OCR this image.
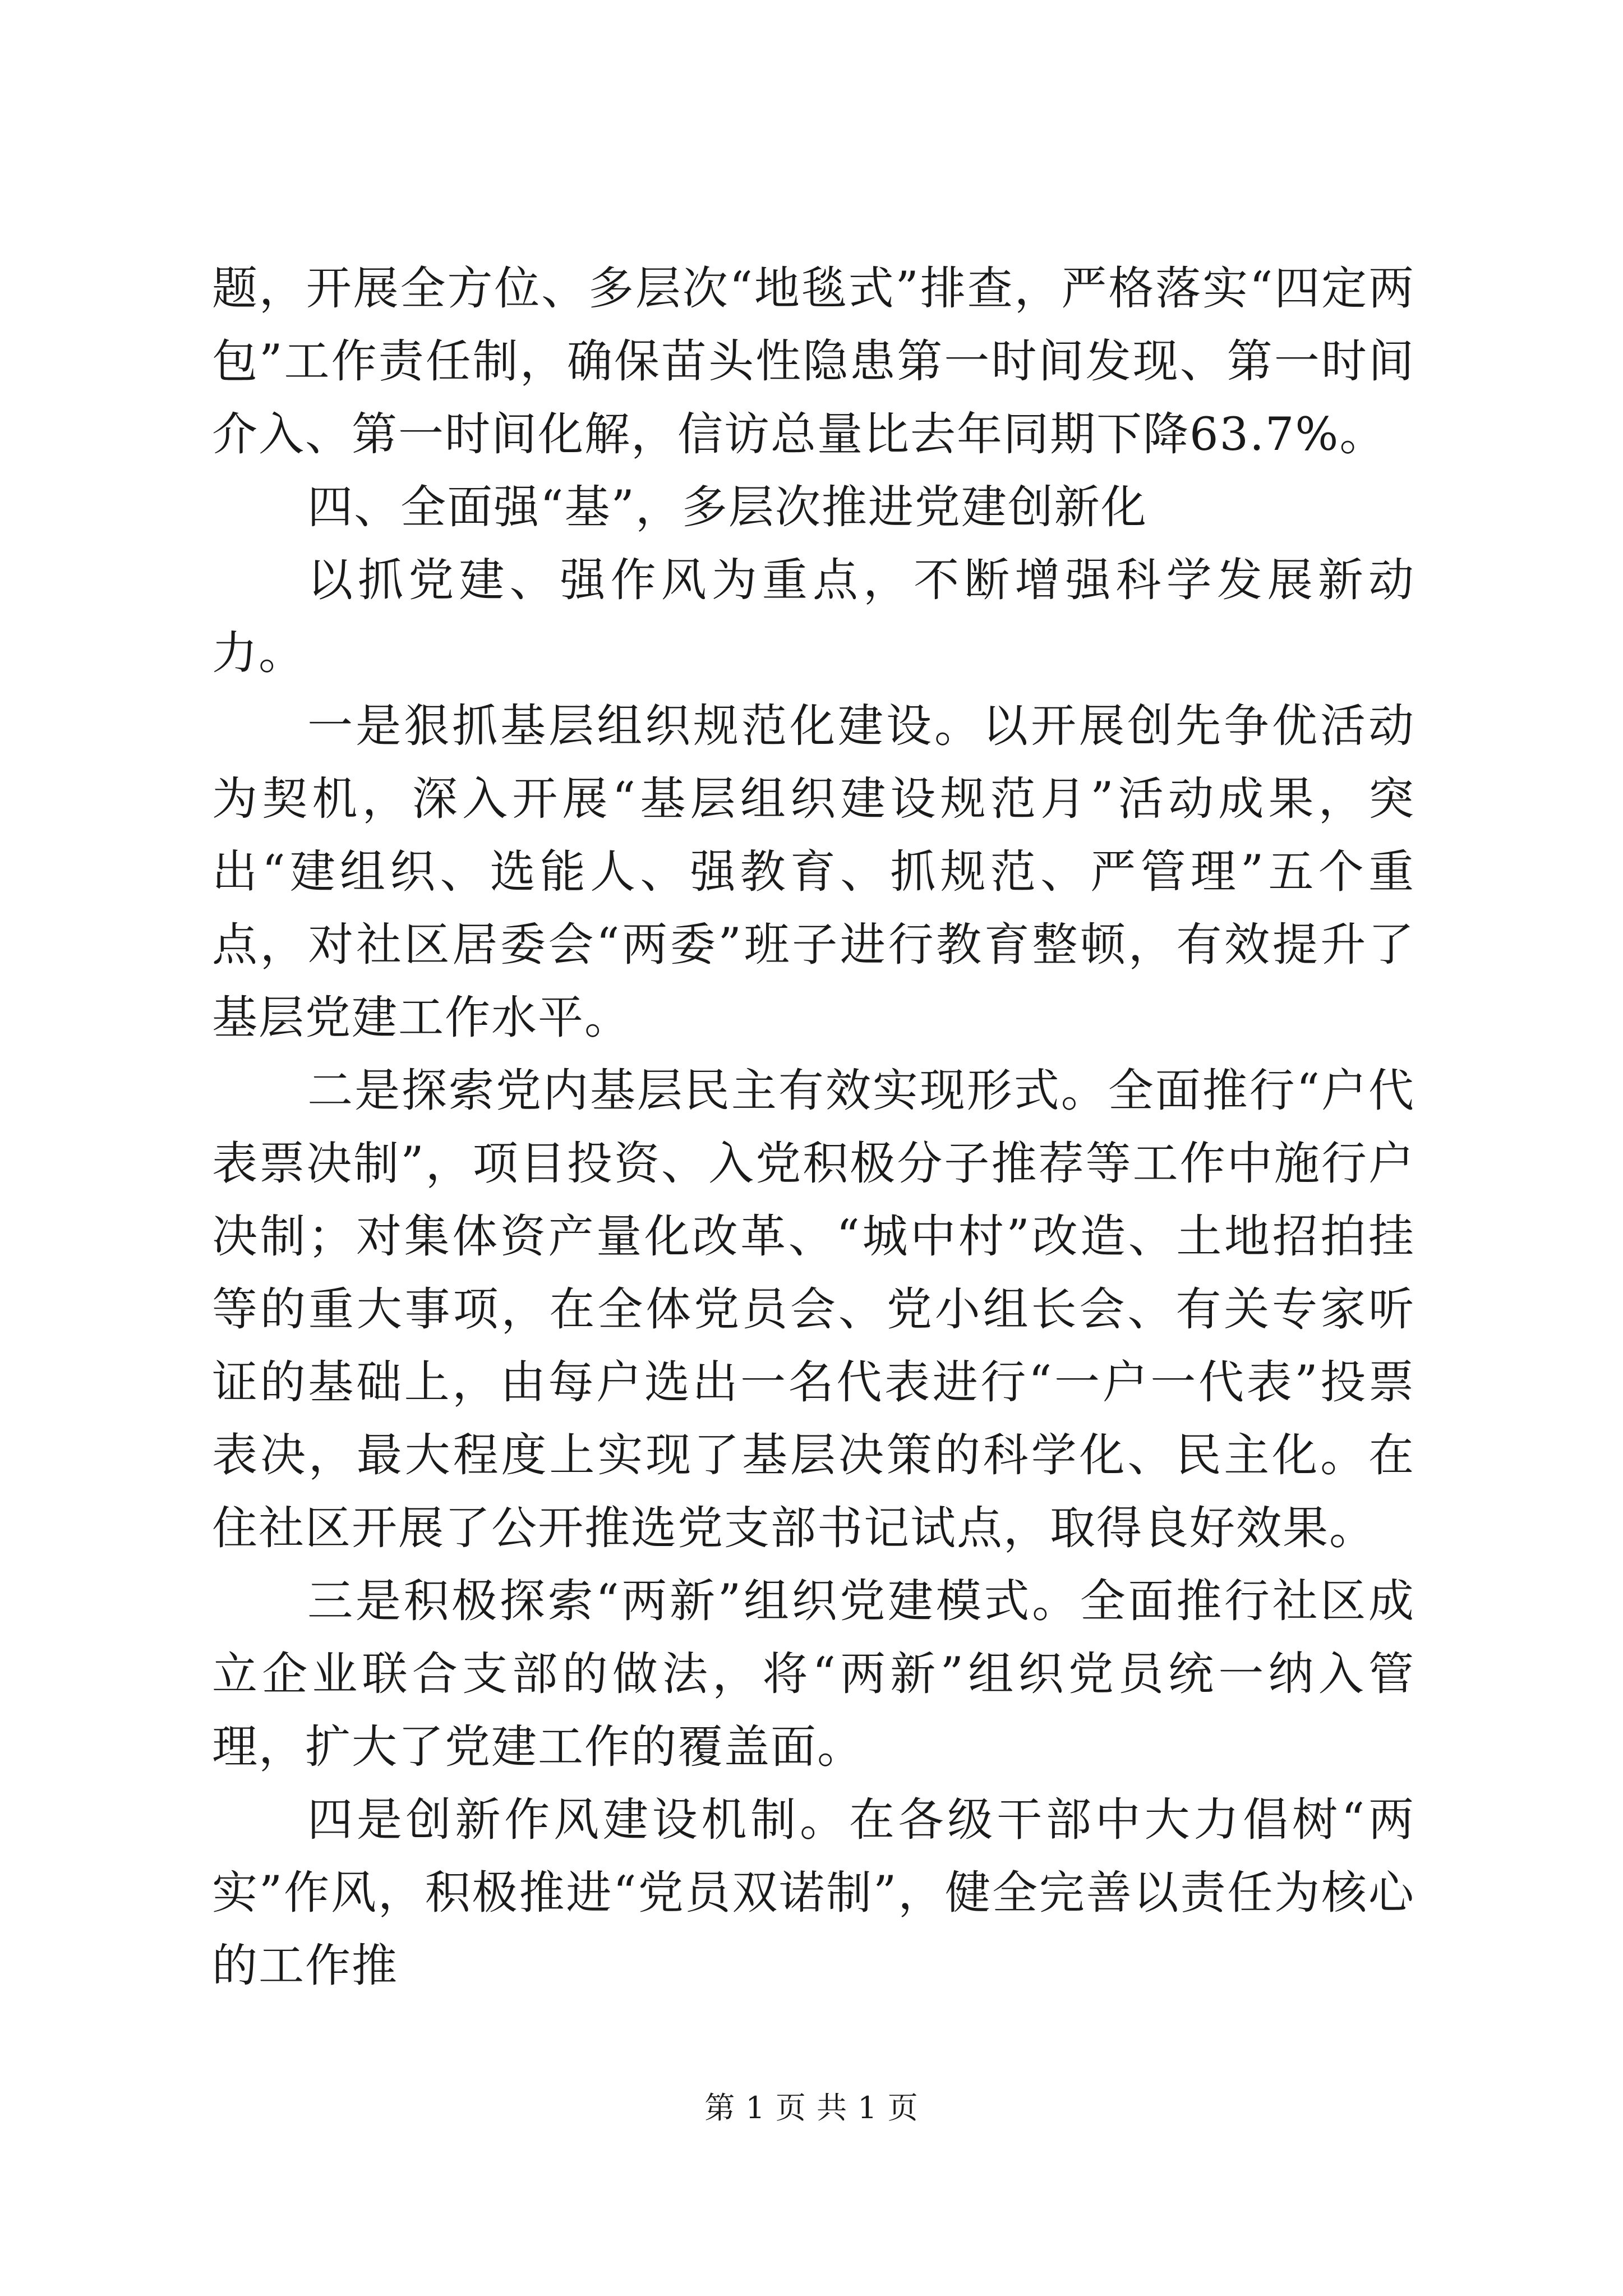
题，开展全方位、多层次“地毯式”排查，严格落实“四定两包”工作责任制，确保苗头性隐患第一时间发现、第一时间介入、第一时间化解，信访总量比去年同期下降63.7%。

四、全面强“基”，多层次推进党建创新化

以抓党建、强作风为重点，不断增强科学发展新动力。

一是狠抓基层组织规范化建设。以开展创先争优活动为契机，深入开展“基层组织建设规范月”活动成果，突出“建组织、选能人、强教育、抓规范、严管理”五个重点，对社区居委会“两委”班子进行教育整顿，有效提升了基层党建工作水平。

二是探索党内基层民主有效实现形式。全面推行“户代表票决制”，项目投资、入党积极分子推荐等工作中施行户决制；对集体资产量化改革、“城中村”改造、土地招拍挂等的重大事项，在全体党员会、党小组长会、有关专家听证的基础上，由每户选出一名代表进行“一户一代表”投票表决，最大程度上实现了基层决策的科学化、民主化。在住社区开展了公开推选党支部书记试点，取得良好效果。

三是积极探索“两新”组织党建模式。全面推行社区成立企业联合支部的做法，将“两新”组织党员统一纳入管理，扩大了党建工作的覆盖面。

四是创新作风建设机制。在各级干部中大力倡树“两实”作风，积极推进“党员双诺制”，健全完善以责任为核心的工作推

第 1 页 共 1 页
